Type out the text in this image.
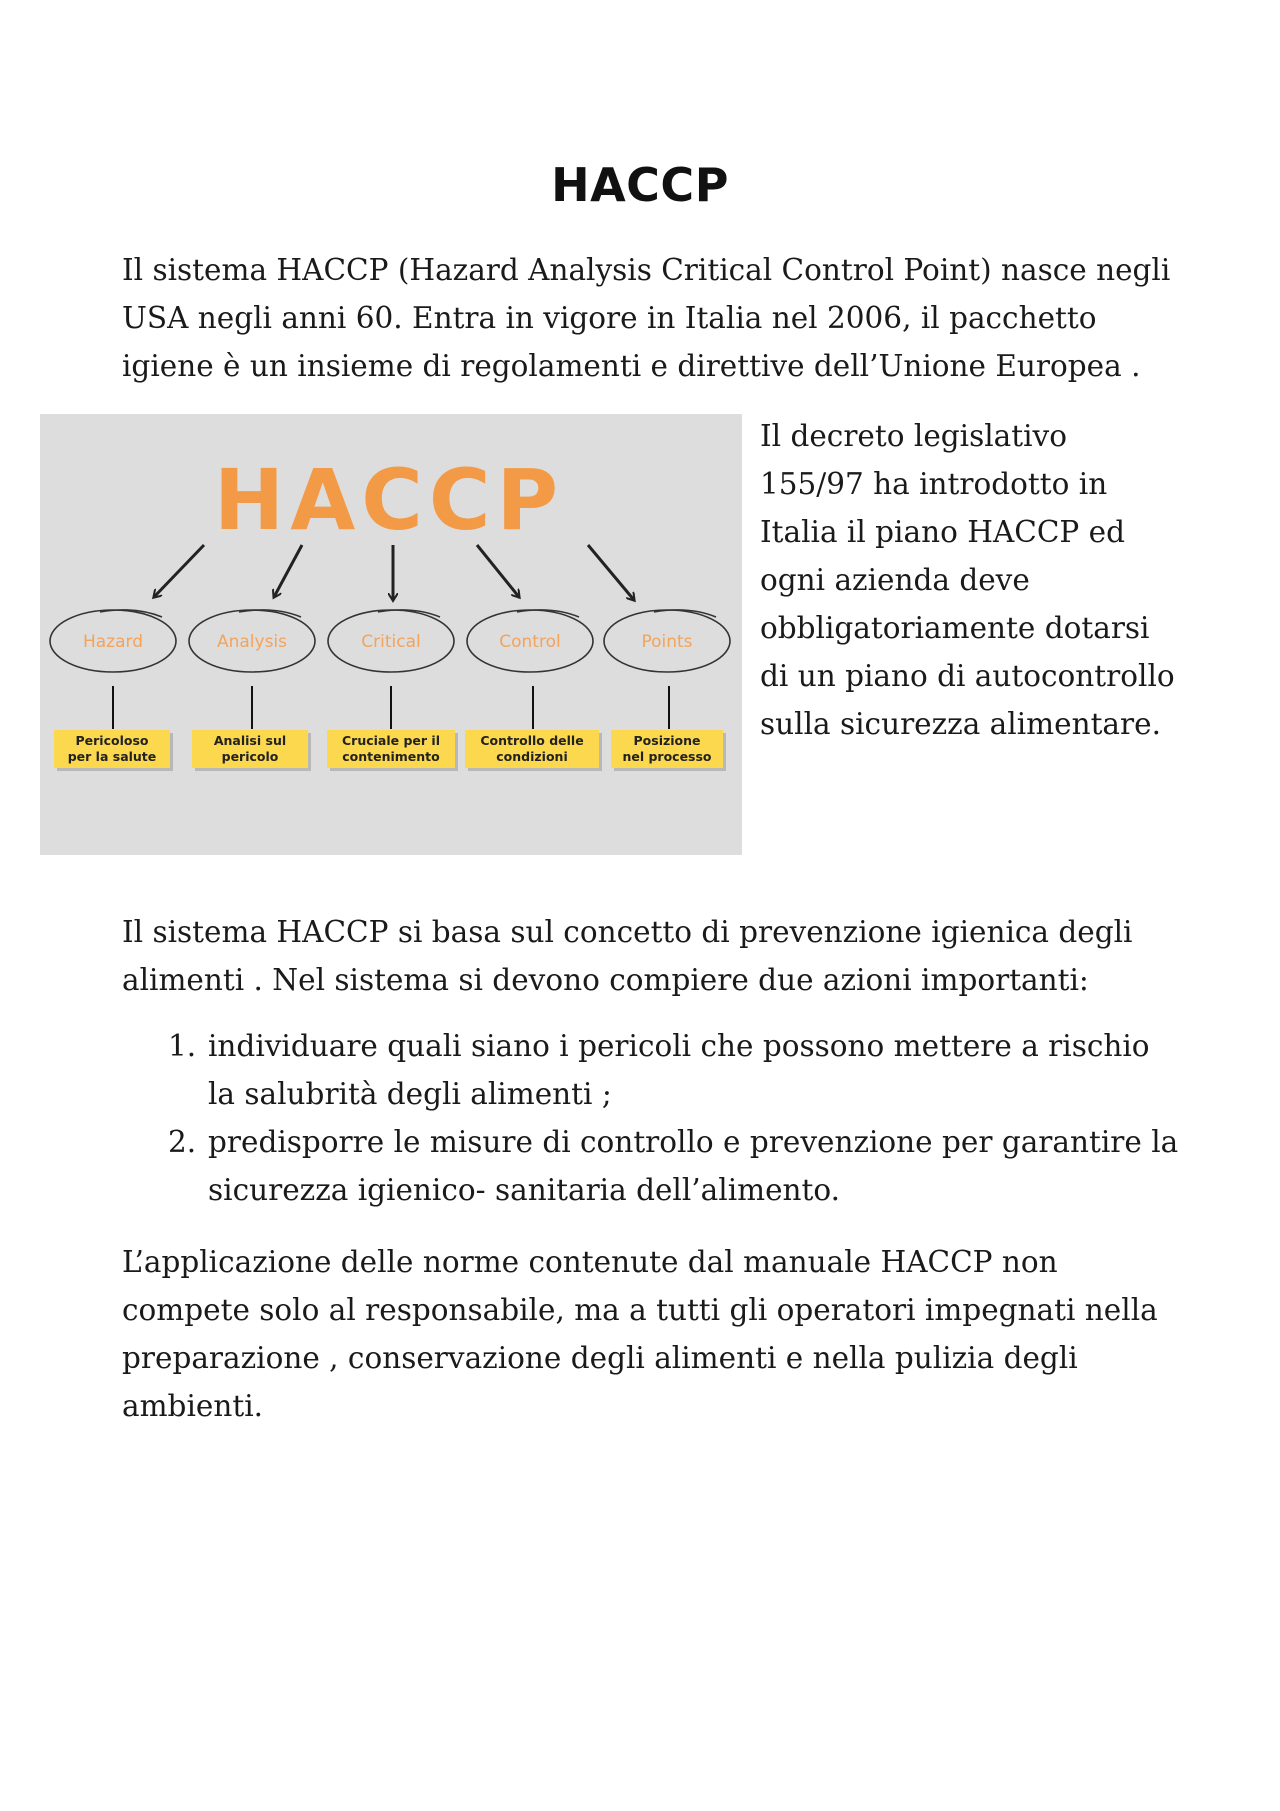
HACCP

Il sistema HACCP (Hazard Analysis Critical Control Point) nasce negli USA negli anni 60. Entra in vigore in Italia nel 2006, il pacchetto igiene è un insieme di regolamenti e direttive dell’Unione Europea .

HACCP
Hazard
Pericoloso
per la salute
Analysis
Analisi sul
pericolo
Critical
Cruciale per il
contenimento
Control
Controllo delle
condizioni
Points
Posizione
nel processo

Il decreto legislativo 155/97 ha introdotto in Italia il piano HACCP ed ogni azienda deve obbligatoriamente dotarsi di un piano di autocontrollo sulla sicurezza alimentare.

Il sistema HACCP si basa sul concetto di prevenzione igienica degli alimenti . Nel sistema si devono compiere due azioni importanti:

1. individuare quali siano i pericoli che possono mettere a rischio la salubrità degli alimenti ;
2. predisporre le misure di controllo e prevenzione per garantire la sicurezza igienico- sanitaria dell’alimento.

L’applicazione delle norme contenute dal manuale HACCP non compete solo al responsabile, ma a tutti gli operatori impegnati nella preparazione , conservazione degli alimenti e nella pulizia degli ambienti.
